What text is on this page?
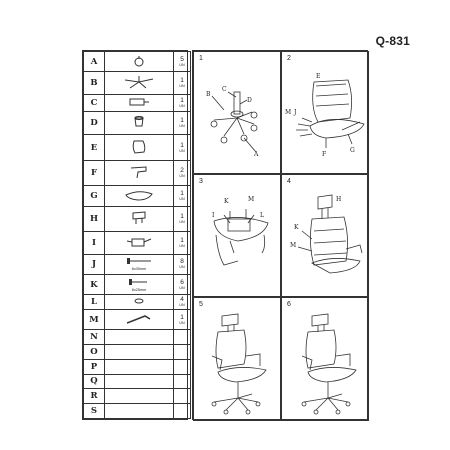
Q-831
A		5
UN

B		1
UN

C		1
UN

D		1
UN

E		1
UN

F		2
UN

G		1
UN

H		1
UN

I		1
UN

J	6x30mm	8
UN

K	6x25mm	6
UN

L		4
UN

M		1
UN

N		

O		

P		

Q		

R		

S		
1
C
B
D
A
2
E
M J
F
G
3
K	M
I	L
4
H
K
M
5	6
